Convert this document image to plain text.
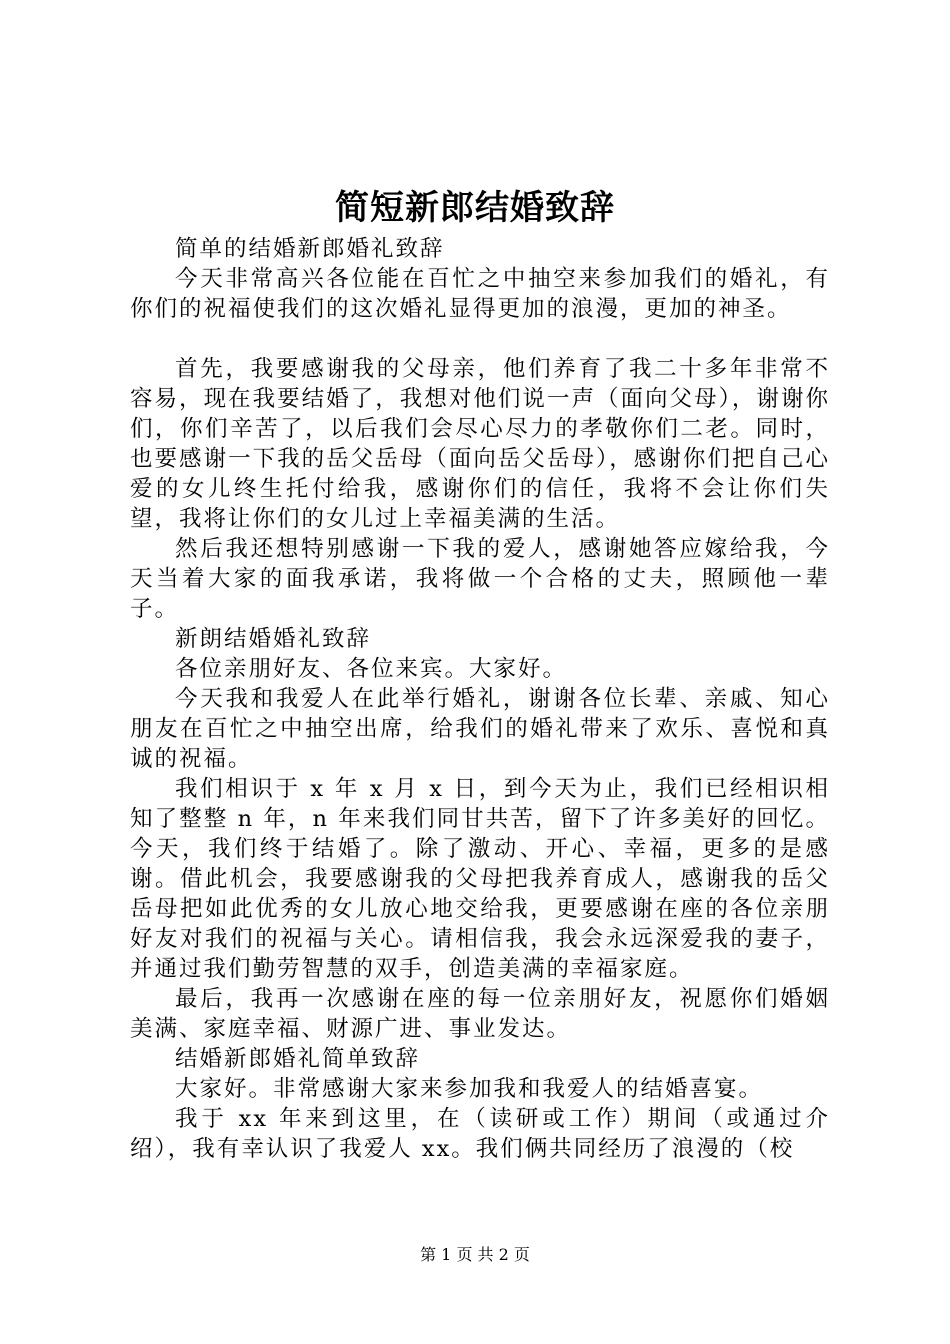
简短新郎结婚致辞

简单的结婚新郎婚礼致辞

今天非常高兴各位能在百忙之中抽空来参加我们的婚礼，有你们的祝福使我们的这次婚礼显得更加的浪漫，更加的神圣。

首先，我要感谢我的父母亲，他们养育了我二十多年非常不容易，现在我要结婚了，我想对他们说一声（面向父母），谢谢你们，你们辛苦了，以后我们会尽心尽力的孝敬你们二老。同时，也要感谢一下我的岳父岳母（面向岳父岳母），感谢你们把自己心爱的女儿终生托付给我，感谢你们的信任，我将不会让你们失望，我将让你们的女儿过上幸福美满的生活。

然后我还想特别感谢一下我的爱人，感谢她答应嫁给我，今天当着大家的面我承诺，我将做一个合格的丈夫，照顾他一辈子。

新朗结婚婚礼致辞

各位亲朋好友、各位来宾。大家好。

今天我和我爱人在此举行婚礼，谢谢各位长辈、亲戚、知心朋友在百忙之中抽空出席，给我们的婚礼带来了欢乐、喜悦和真诚的祝福。

我们相识于 x 年 x 月 x 日，到今天为止，我们已经相识相知了整整 n 年，n 年来我们同甘共苦，留下了许多美好的回忆。今天，我们终于结婚了。除了激动、开心、幸福，更多的是感谢。借此机会，我要感谢我的父母把我养育成人，感谢我的岳父岳母把如此优秀的女儿放心地交给我，更要感谢在座的各位亲朋好友对我们的祝福与关心。请相信我，我会永远深爱我的妻子，并通过我们勤劳智慧的双手，创造美满的幸福家庭。

最后，我再一次感谢在座的每一位亲朋好友，祝愿你们婚姻美满、家庭幸福、财源广进、事业发达。

结婚新郎婚礼简单致辞

大家好。非常感谢大家来参加我和我爱人的结婚喜宴。

我于 xx 年来到这里，在（读研或工作）期间（或通过介绍），我有幸认识了我爱人 xx。我们俩共同经历了浪漫的（校

第 1 页 共 2 页
